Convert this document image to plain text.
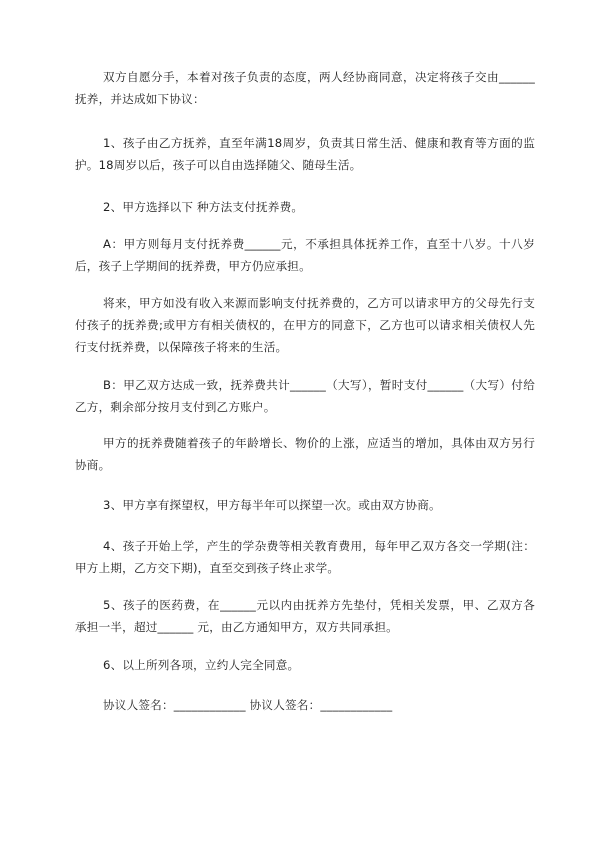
双方自愿分手，本着对孩子负责的态度，两人经协商同意，决定将孩子交由______抚养，并达成如下协议：

1、孩子由乙方抚养，直至年满18周岁，负责其日常生活、健康和教育等方面的监护。18周岁以后，孩子可以自由选择随父、随母生活。

2、甲方选择以下 种方法支付抚养费。

A：甲方则每月支付抚养费______元，不承担具体抚养工作，直至十八岁。十八岁后，孩子上学期间的抚养费，甲方仍应承担。

将来，甲方如没有收入来源而影响支付抚养费的，乙方可以请求甲方的父母先行支付孩子的抚养费;或甲方有相关债权的，在甲方的同意下，乙方也可以请求相关债权人先行支付抚养费，以保障孩子将来的生活。

B：甲乙双方达成一致，抚养费共计______（大写），暂时支付______（大写）付给乙方，剩余部分按月支付到乙方账户。

甲方的抚养费随着孩子的年龄增长、物价的上涨，应适当的增加，具体由双方另行协商。

3、甲方享有探望权，甲方每半年可以探望一次。或由双方协商。

4、孩子开始上学，产生的学杂费等相关教育费用，每年甲乙双方各交一学期(注：甲方上期，乙方交下期)，直至交到孩子终止求学。

5、孩子的医药费，在______元以内由抚养方先垫付，凭相关发票，甲、乙双方各承担一半，超过______ 元，由乙方通知甲方，双方共同承担。

6、以上所列各项，立约人完全同意。

协议人签名：____________ 协议人签名：____________
